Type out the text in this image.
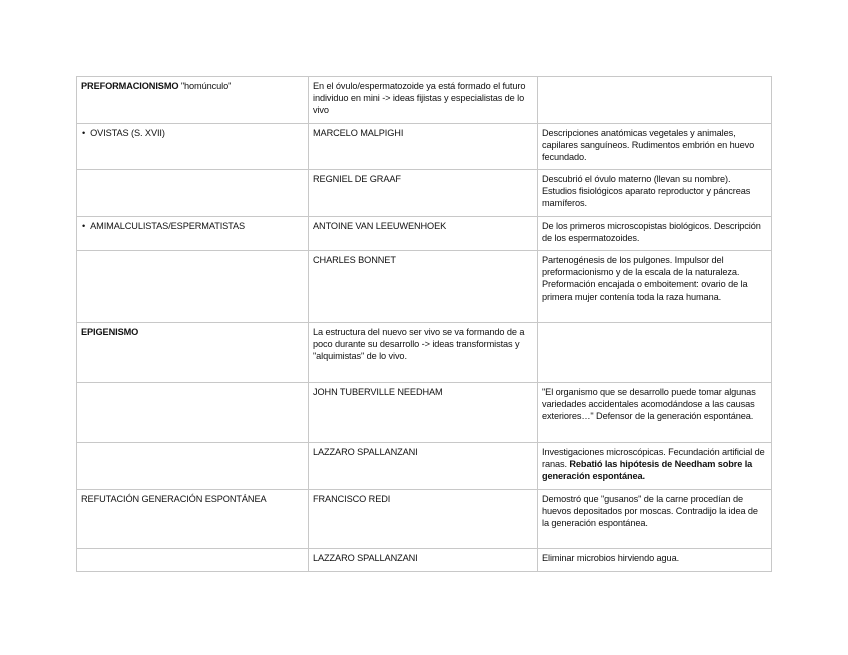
PREFORMACIONISMO "homúnculo"	En el óvulo/espermatozoide ya está formado el futuro individuo en mini -> ideas fijistas y especialistas de lo vivo	
• OVISTAS (S. XVII)	MARCELO MALPIGHI	Descripciones anatómicas vegetales y animales, capilares sanguíneos. Rudimentos embrión en huevo fecundado.
	REGNIEL DE GRAAF	Descubrió el óvulo materno (llevan su nombre). Estudios fisiológicos aparato reproductor y páncreas mamíferos.
• AMIMALCULISTAS/ESPERMATISTAS	ANTOINE VAN LEEUWENHOEK	De los primeros microscopistas biológicos. Descripción de los espermatozoides.
	CHARLES BONNET	Partenogénesis de los pulgones. Impulsor del preformacionismo y de la escala de la naturaleza. Preformación encajada o emboitement: ovario de la primera mujer contenía toda la raza humana.
EPIGENISMO	La estructura del nuevo ser vivo se va formando de a poco durante su desarrollo -> ideas transformistas y "alquimistas" de lo vivo.	
	JOHN TUBERVILLE NEEDHAM	"El organismo que se desarrollo puede tomar algunas variedades accidentales acomodándose a las causas exteriores…" Defensor de la generación espontánea.
	LAZZARO SPALLANZANI	Investigaciones microscópicas. Fecundación artificial de ranas. Rebatió las hipótesis de Needham sobre la generación espontánea.
REFUTACIÓN GENERACIÓN ESPONTÁNEA	FRANCISCO REDI	Demostró que "gusanos" de la carne procedían de huevos depositados por moscas. Contradijo la idea de la generación espontánea.
	LAZZARO SPALLANZANI	Eliminar microbios hirviendo agua.
